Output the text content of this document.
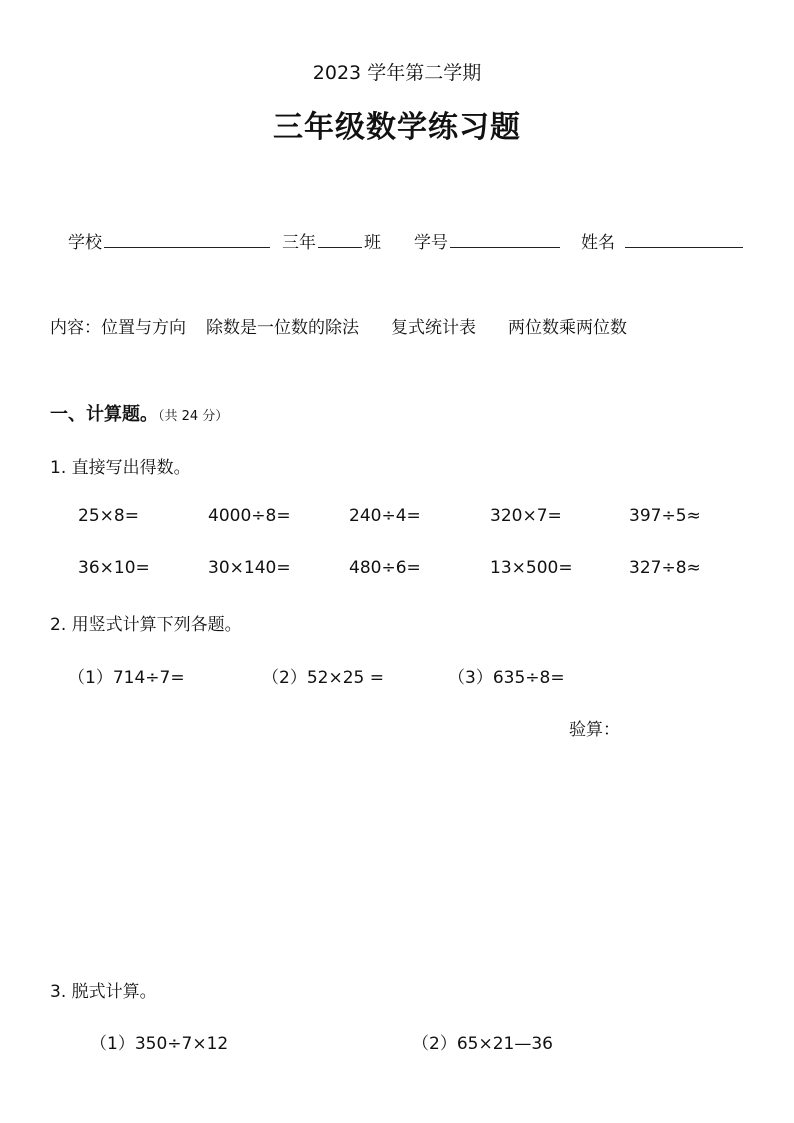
2023 学年第二学期
三年级数学练习题
学校	三年	班 学号	姓名
内容：位置与方向 除数是一位数的除法 复式统计表 两位数乘两位数
一、计算题。（共 24 分）
1. 直接写出得数。
25×8=	4000÷8=	240÷4=	320×7=	397÷5≈
36×10=	30×140=	480÷6=	13×500=	327÷8≈
2. 用竖式计算下列各题。
（1）714÷7=	（2）52×25 =	（3）635÷8=
验算：
3. 脱式计算。
（1）350÷7×12	（2）65×21—36
